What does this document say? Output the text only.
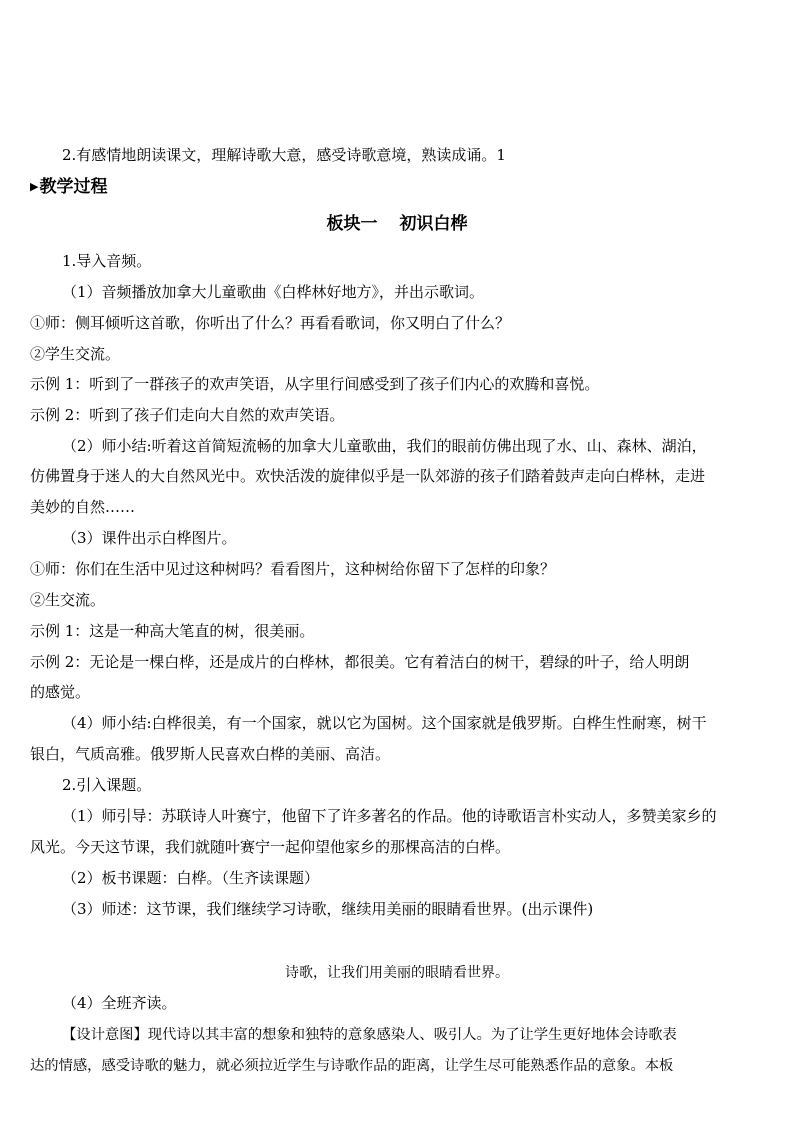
2.有感情地朗读课文，理解诗歌大意，感受诗歌意境，熟读成诵。1
▶教学过程
板块一 初识白桦
1.导入音频。
（1）音频播放加拿大儿童歌曲《白桦林好地方》，并出示歌词。
①师：侧耳倾听这首歌，你听出了什么？再看看歌词，你又明白了什么？
②学生交流。
示例 1：听到了一群孩子的欢声笑语，从字里行间感受到了孩子们内心的欢腾和喜悦。
示例 2：听到了孩子们走向大自然的欢声笑语。
（2）师小结:听着这首简短流畅的加拿大儿童歌曲，我们的眼前仿佛出现了水、山、森林、湖泊，
仿佛置身于迷人的大自然风光中。欢快活泼的旋律似乎是一队郊游的孩子们踏着鼓声走向白桦林，走进
美妙的自然……
（3）课件出示白桦图片。
①师：你们在生活中见过这种树吗？看看图片，这种树给你留下了怎样的印象？
②生交流。
示例 1：这是一种高大笔直的树，很美丽。
示例 2：无论是一棵白桦，还是成片的白桦林，都很美。它有着洁白的树干，碧绿的叶子，给人明朗
的感觉。
（4）师小结:白桦很美，有一个国家，就以它为国树。这个国家就是俄罗斯。白桦生性耐寒，树干
银白，气质高雅。俄罗斯人民喜欢白桦的美丽、高洁。
2.引入课题。
（1）师引导：苏联诗人叶赛宁，他留下了许多著名的作品。他的诗歌语言朴实动人，多赞美家乡的
风光。今天这节课，我们就随叶赛宁一起仰望他家乡的那棵高洁的白桦。
（2）板书课题：白桦。（生齐读课题）
（3）师述：这节课，我们继续学习诗歌，继续用美丽的眼睛看世界。(出示课件)
诗歌，让我们用美丽的眼睛看世界。
（4）全班齐读。
【设计意图】现代诗以其丰富的想象和独特的意象感染人、吸引人。为了让学生更好地体会诗歌表
达的情感，感受诗歌的魅力，就必须拉近学生与诗歌作品的距离，让学生尽可能熟悉作品的意象。本板
